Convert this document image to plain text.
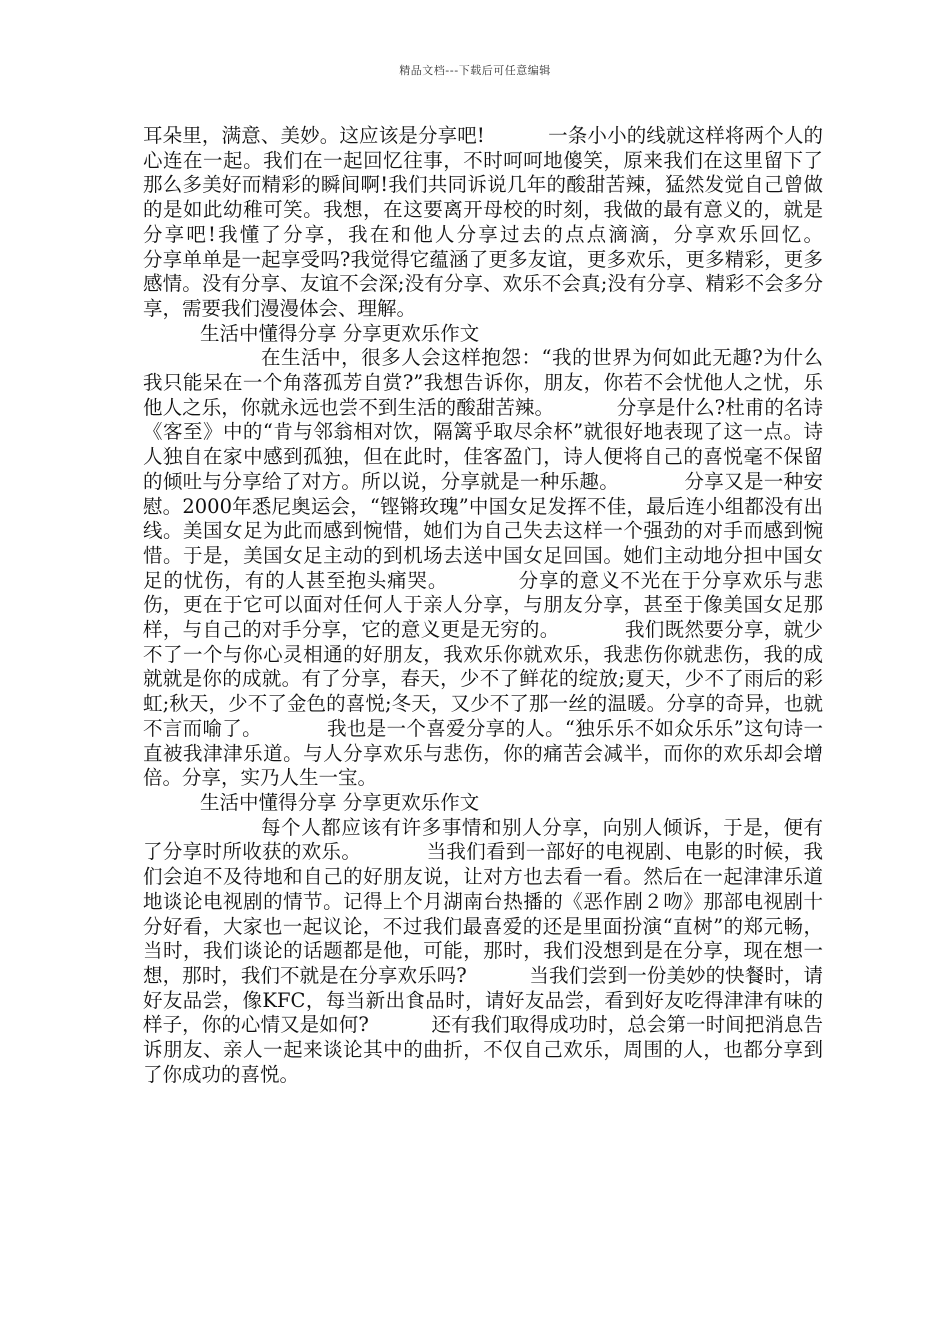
精品文档---下载后可任意编辑

耳朵里，满意、美妙。这应该是分享吧!          一条小小的线就这样将两个人的心连在一起。我们在一起回忆往事，不时呵呵地傻笑，原来我们在这里留下了那么多美好而精彩的瞬间啊!我们共同诉说几年的酸甜苦辣，猛然发觉自己曾做的是如此幼稚可笑。我想，在这要离开母校的时刻，我做的最有意义的，就是分享吧!我懂了分享，我在和他人分享过去的点点滴滴，分享欢乐回忆。          分享单单是一起享受吗?我觉得它蕴涵了更多友谊，更多欢乐，更多精彩，更多感情。没有分享、友谊不会深;没有分享、欢乐不会真;没有分享、精彩不会多分享，需要我们漫漫体会、理解。

生活中懂得分享 分享更欢乐作文

在生活中，很多人会这样抱怨：“我的世界为何如此无趣?为什么我只能呆在一个角落孤芳自赏?”我想告诉你，朋友，你若不会忧他人之忧，乐他人之乐，你就永远也尝不到生活的酸甜苦辣。          分享是什么?杜甫的名诗《客至》中的“肯与邻翁相对饮，隔篱乎取尽余杯”就很好地表现了这一点。诗人独自在家中感到孤独，但在此时，佳客盈门，诗人便将自己的喜悦毫不保留的倾吐与分享给了对方。所以说，分享就是一种乐趣。          分享又是一种安慰。2000年悉尼奥运会，“铿锵玫瑰”中国女足发挥不佳，最后连小组都没有出线。美国女足为此而感到惋惜，她们为自己失去这样一个强劲的对手而感到惋惜。于是，美国女足主动的到机场去送中国女足回国。她们主动地分担中国女足的忧伤，有的人甚至抱头痛哭。          分享的意义不光在于分享欢乐与悲伤，更在于它可以面对任何人于亲人分享，与朋友分享，甚至于像美国女足那样，与自己的对手分享，它的意义更是无穷的。          我们既然要分享，就少不了一个与你心灵相通的好朋友，我欢乐你就欢乐，我悲伤你就悲伤，我的成就就是你的成就。有了分享，春天，少不了鲜花的绽放;夏天，少不了雨后的彩虹;秋天，少不了金色的喜悦;冬天，又少不了那一丝的温暖。分享的奇异，也就不言而喻了。          我也是一个喜爱分享的人。“独乐乐不如众乐乐”这句诗一直被我津津乐道。与人分享欢乐与悲伤，你的痛苦会减半，而你的欢乐却会增倍。分享，实乃人生一宝。

生活中懂得分享 分享更欢乐作文

每个人都应该有许多事情和别人分享，向别人倾诉，于是，便有了分享时所收获的欢乐。          当我们看到一部好的电视剧、电影的时候，我们会迫不及待地和自己的好朋友说，让对方也去看一看。然后在一起津津乐道地谈论电视剧的情节。记得上个月湖南台热播的《恶作剧２吻》那部电视剧十分好看，大家也一起议论，不过我们最喜爱的还是里面扮演“直树”的郑元畅，当时，我们谈论的话题都是他，可能，那时，我们没想到是在分享，现在想一想，那时，我们不就是在分享欢乐吗?          当我们尝到一份美妙的快餐时，请好友品尝，像KFC，每当新出食品时，请好友品尝，看到好友吃得津津有味的样子，你的心情又是如何?          还有我们取得成功时，总会第一时间把消息告诉朋友、亲人一起来谈论其中的曲折，不仅自己欢乐，周围的人，也都分享到了你成功的喜悦。
